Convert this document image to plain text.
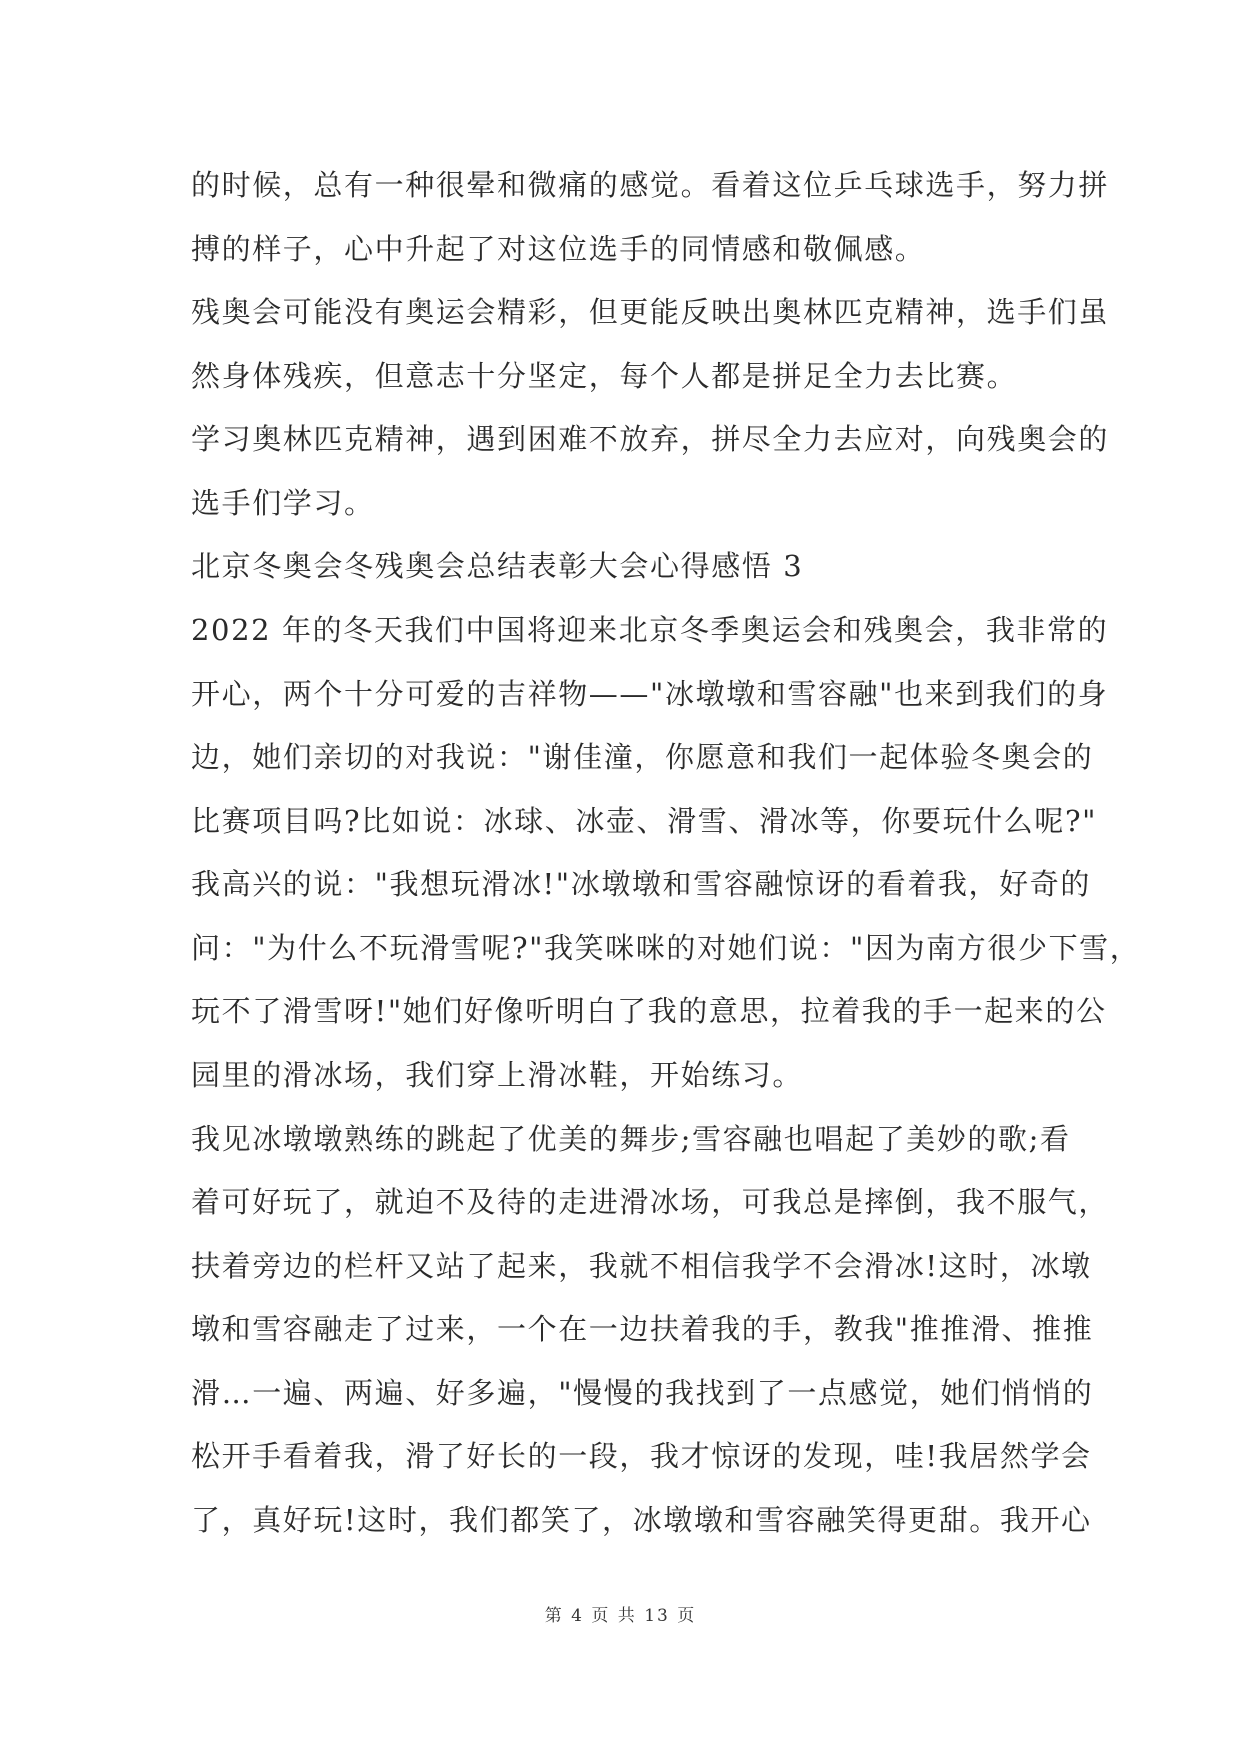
的时候，总有一种很晕和微痛的感觉。看着这位乒乓球选手，努力拼
搏的样子，心中升起了对这位选手的同情感和敬佩感。
残奥会可能没有奥运会精彩，但更能反映出奥林匹克精神，选手们虽
然身体残疾，但意志十分坚定，每个人都是拼足全力去比赛。
学习奥林匹克精神，遇到困难不放弃，拼尽全力去应对，向残奥会的
选手们学习。
北京冬奥会冬残奥会总结表彰大会心得感悟 3
2022 年的冬天我们中国将迎来北京冬季奥运会和残奥会，我非常的
开心，两个十分可爱的吉祥物——"冰墩墩和雪容融"也来到我们的身
边，她们亲切的对我说："谢佳潼，你愿意和我们一起体验冬奥会的
比赛项目吗?比如说：冰球、冰壶、滑雪、滑冰等，你要玩什么呢?"
我高兴的说："我想玩滑冰!"冰墩墩和雪容融惊讶的看着我，好奇的
问："为什么不玩滑雪呢?"我笑咪咪的对她们说："因为南方很少下雪，
玩不了滑雪呀!"她们好像听明白了我的意思，拉着我的手一起来的公
园里的滑冰场，我们穿上滑冰鞋，开始练习。
我见冰墩墩熟练的跳起了优美的舞步;雪容融也唱起了美妙的歌;看
着可好玩了，就迫不及待的走进滑冰场，可我总是摔倒，我不服气，
扶着旁边的栏杆又站了起来，我就不相信我学不会滑冰!这时，冰墩
墩和雪容融走了过来，一个在一边扶着我的手，教我"推推滑、推推
滑…一遍、两遍、好多遍，"慢慢的我找到了一点感觉，她们悄悄的
松开手看着我，滑了好长的一段，我才惊讶的发现，哇!我居然学会
了，真好玩!这时，我们都笑了，冰墩墩和雪容融笑得更甜。我开心
第 4 页 共 13 页
